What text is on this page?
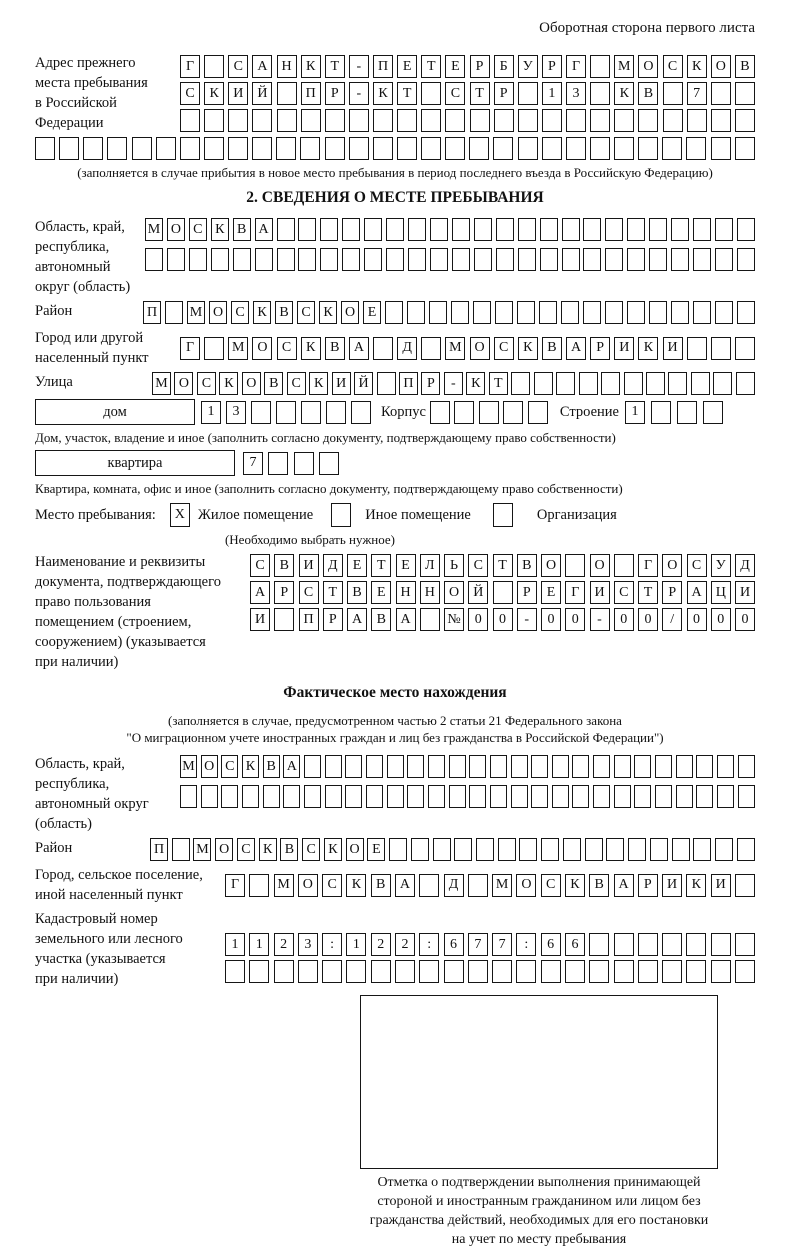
Оборотная сторона первого листа
Адрес прежнего
места пребывания
в Российской
Федерации
Г	С	А	Н	К	Т	-	П	Е	Т	Е	Р	Б	У	Р	Г	М О	С	К	О	В
С	К	И	Й	П	Р	-	К	Т	С	Т	Р	1	3	К	В	7
(заполняется в случае прибытия в новое место пребывания в период последнего въезда в Российскую Федерацию)
2. СВЕДЕНИЯ О МЕСТЕ ПРЕБЫВАНИЯ
Область, край,
республика,
автономный
округ (область)
М О С К В А
Район	П М О С К В С К О Е
Город или другой
населенный пункт
Г	М О	С	К	В	А	Д	М О	С	К	В	А	Р	И	К	И
Улица	М О С К О В С К И Й	П Р	-	К Т
дом	1	3	Корпус	Строение 1
Дом, участок, владение и иное (заполнить согласно документу, подтверждающему право собственности)
квартира	7
Квартира, комната, офис и иное (заполнить согласно документу, подтверждающему право собственности)
Место пребывания:	X Жилое помещение	Иное помещение	Организация
(Необходимо выбрать нужное)
Наименование и реквизиты
документа, подтверждающего
право пользования
помещением (строением,
сооружением) (указывается
при наличии)
С	В	И	Д	Е	Т	Е	Л	Ь	С	Т	В	О	О	Г	О	С	У	Д
А	Р	С	Т	В	Е	Н	Н	О	Й	Р	Е	Г	И	С	Т	Р	А	Ц	И
И	П	Р	А	В	А	№	0	0	-	0	0	-	0	0	/	0	0	0
Фактическое место нахождения
(заполняется в случае, предусмотренном частью 2 статьи 21 Федерального закона
"О миграционном учете иностранных граждан и лиц без гражданства в Российской Федерации")
Область, край,
республика,
автономный округ
(область)
М О С К В А
Район	П М О С К В С К О Е
Город, сельское поселение,
иной населенный пункт
Г	М О	С	К	В	А	Д	М О	С	К	В	А	Р	И	К	И
Кадастровый номер
земельного или лесного
участка (указывается
при наличии)
1	1	2	3	:	1	2	2	:	6	7	7	:	6	6
Отметка о подтверждении выполнения принимающей
стороной и иностранным гражданином или лицом без
гражданства действий, необходимых для его постановки
на учет по месту пребывания
